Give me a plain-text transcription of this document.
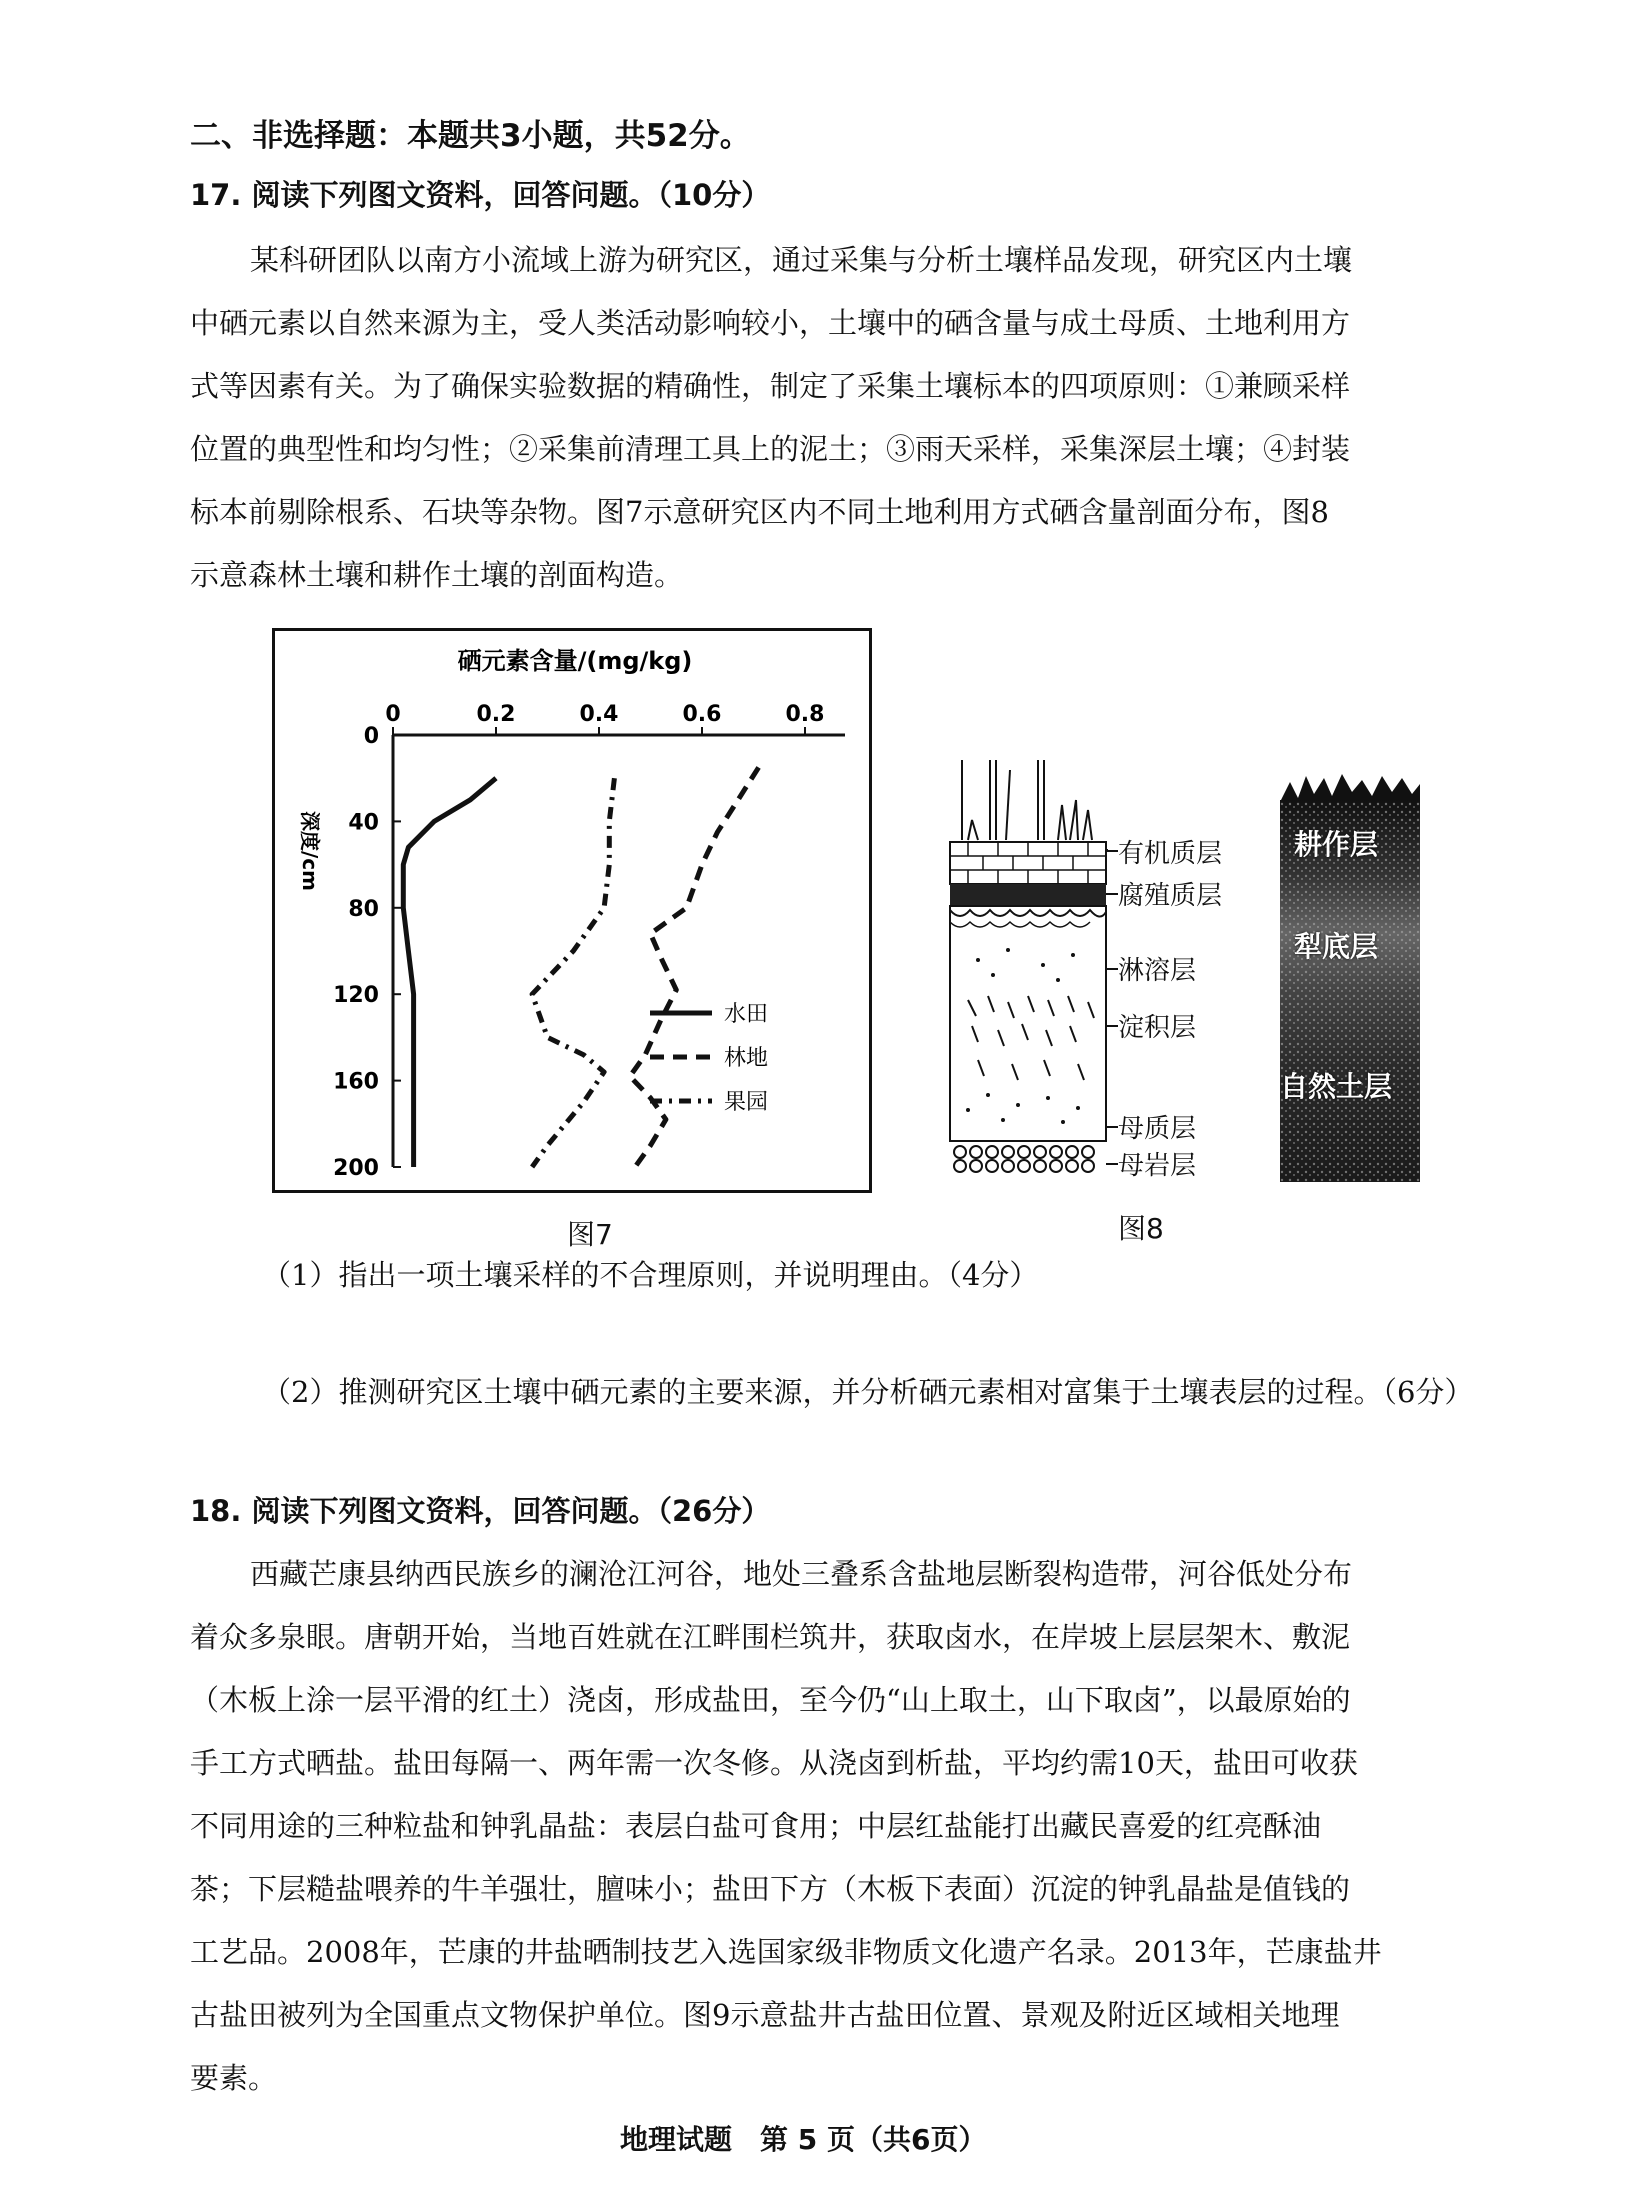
二、非选择题：本题共3小题，共52分。
17. 阅读下列图文资料，回答问题。（10分）
某科研团队以南方小流域上游为研究区，通过采集与分析土壤样品发现，研究区内土壤
中硒元素以自然来源为主，受人类活动影响较小，土壤中的硒含量与成土母质、土地利用方
式等因素有关。为了确保实验数据的精确性，制定了采集土壤标本的四项原则：①兼顾采样
位置的典型性和均匀性；②采集前清理工具上的泥土；③雨天采样，采集深层土壤；④封装
标本前剔除根系、石块等杂物。图7示意研究区内不同土地利用方式硒含量剖面分布，图8
示意森林土壤和耕作土壤的剖面构造。
硒元素含量/(mg/kg)
0	0.2	0.4	0.6	0.8
0
40
80
120
160
200
深度/cm
水田
林地
果园
图7
有机质层
腐殖质层
淋溶层
淀积层
母质层
母岩层
耕作层
犁底层
自然土层
图8
（1）指出一项土壤采样的不合理原则，并说明理由。（4分）
（2）推测研究区土壤中硒元素的主要来源，并分析硒元素相对富集于土壤表层的过程。（6分）
18. 阅读下列图文资料，回答问题。（26分）
西藏芒康县纳西民族乡的澜沧江河谷，地处三叠系含盐地层断裂构造带，河谷低处分布
着众多泉眼。唐朝开始，当地百姓就在江畔围栏筑井，获取卤水，在岸坡上层层架木、敷泥
（木板上涂一层平滑的红土）浇卤，形成盐田，至今仍“山上取土，山下取卤”，以最原始的
手工方式晒盐。盐田每隔一、两年需一次冬修。从浇卤到析盐，平均约需10天，盐田可收获
不同用途的三种粒盐和钟乳晶盐：表层白盐可食用；中层红盐能打出藏民喜爱的红亮酥油
茶；下层糙盐喂养的牛羊强壮，膻味小；盐田下方（木板下表面）沉淀的钟乳晶盐是值钱的
工艺品。2008年，芒康的井盐晒制技艺入选国家级非物质文化遗产名录。2013年，芒康盐井
古盐田被列为全国重点文物保护单位。图9示意盐井古盐田位置、景观及附近区域相关地理
要素。
地理试题　第 5 页（共6页）
